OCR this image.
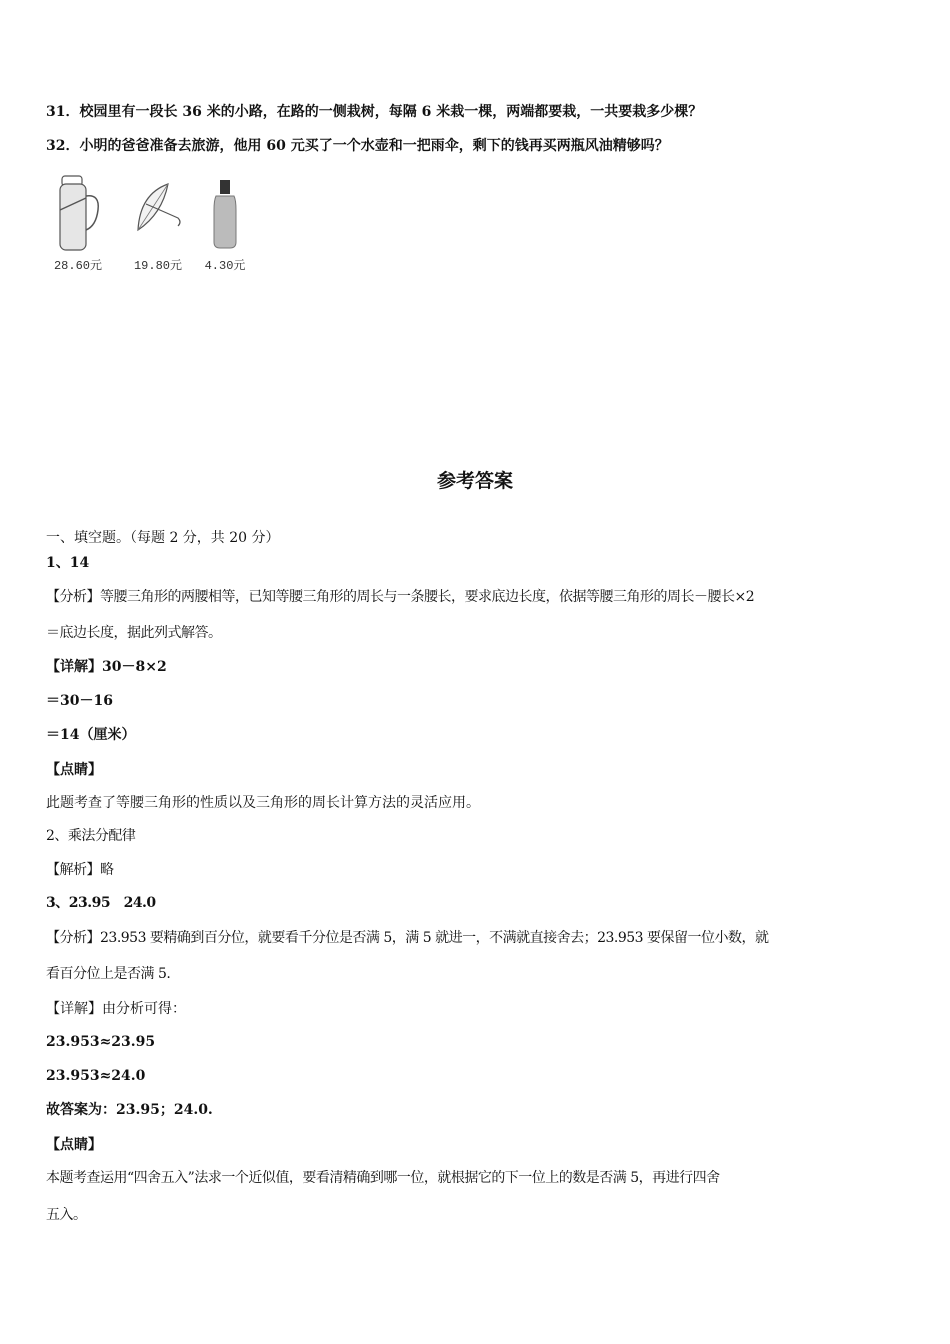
31．校园里有一段长 36 米的小路，在路的一侧栽树，每隔 6 米栽一棵，两端都要栽，一共要栽多少棵？
32．小明的爸爸准备去旅游，他用 60 元买了一个水壶和一把雨伞，剩下的钱再买两瓶风油精够吗？
28.60元	19.80元	4.30元
参考答案
一、填空题。（每题 2 分，共 20 分）
1、14
【分析】等腰三角形的两腰相等，已知等腰三角形的周长与一条腰长，要求底边长度，依据等腰三角形的周长－腰长×2
＝底边长度，据此列式解答。
【详解】30－8×2
＝30－16
＝14（厘米）
【点睛】
此题考查了等腰三角形的性质以及三角形的周长计算方法的灵活应用。
2、乘法分配律
【解析】略
3、23.95　24.0
【分析】23.953 要精确到百分位，就要看千分位是否满 5，满 5 就进一，不满就直接舍去；23.953 要保留一位小数，就
看百分位上是否满 5.
【详解】由分析可得：
23.953≈23.95
23.953≈24.0
故答案为：23.95；24.0.
【点睛】
本题考查运用“四舍五入”法求一个近似值，要看清精确到哪一位，就根据它的下一位上的数是否满 5，再进行四舍
五入。
